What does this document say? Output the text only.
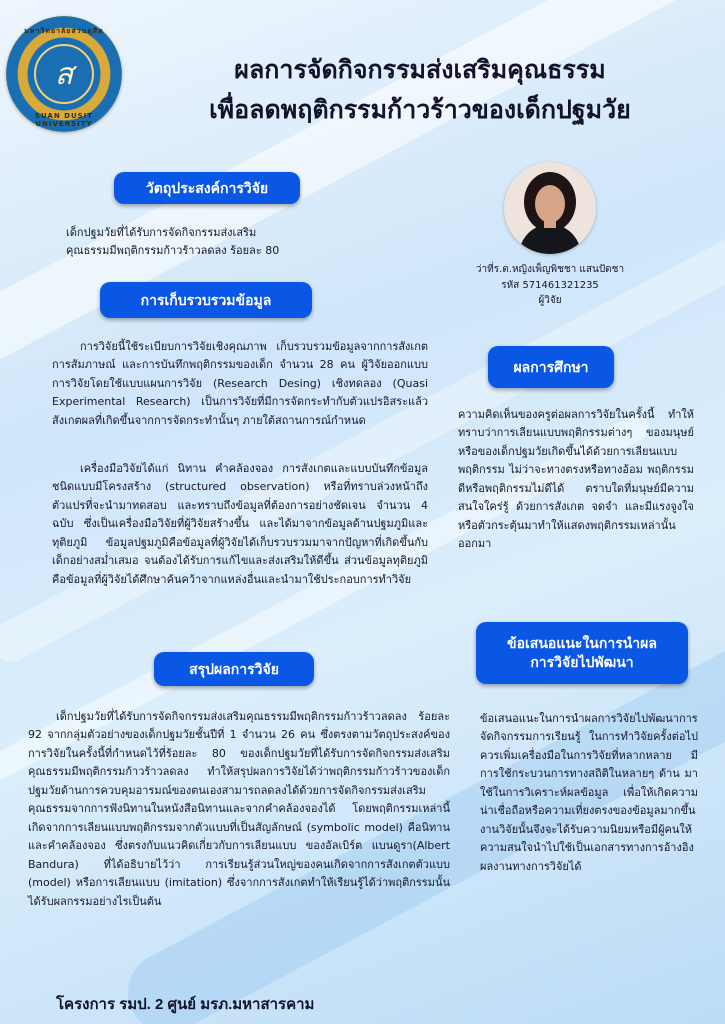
มหาวิทยาลัยสวนดุสิต
ส
SUAN DUSIT UNIVERSITY
ผลการจัดกิจกรรมส่งเสริมคุณธรรม
เพื่อลดพฤติกรรมก้าวร้าวของเด็กปฐมวัย
วัตถุประสงค์การวิจัย
เด็กปฐมวัยที่ได้รับการจัดกิจกรรมส่งเสริม
คุณธรรมมีพฤติกรรมก้าวร้าวลดลง ร้อยละ 80
ว่าที่ร.ต.หญิงเพ็ญพิชชา แสนปัดชา
รหัส 571461321235
ผู้วิจัย
การเก็บรวบรวมข้อมูล
การวิจัยนี้ใช้ระเบียบการวิจัยเชิงคุณภาพ เก็บรวบรวมข้อมูลจากการสังเกต การสัมภาษณ์ และการบันทึกพฤติกรรมของเด็ก จำนวน 28 คน ผู้วิจัยออกแบบการวิจัยโดยใช้แบบแผนการวิจัย (Research Desing) เชิงทดลอง (Quasi Experimental Research) เป็นการวิจัยที่มีการจัดกระทำกับตัวแปรอิสระแล้วสังเกตผลที่เกิดขึ้นจากการจัดกระทำนั้นๆ ภายใต้สถานการณ์กำหนด
เครื่องมือวิจัยได้แก่ นิทาน คำคล้องจอง การสังเกตและแบบบันทึกข้อมูล ชนิดแบบมีโครงสร้าง (structured observation) หรือที่ทราบล่วงหน้าถึงตัวแปรที่จะนำมาทดสอบ และทราบถึงข้อมูลที่ต้องการอย่างชัดเจน จำนวน 4 ฉบับ ซึ่งเป็นเครื่องมือวิจัยที่ผู้วิจัยสร้างขึ้น และได้มาจากข้อมูลด้านปฐมภูมิและทุติยภูมิ ข้อมูลปฐมภูมิคือข้อมูลที่ผู้วิจัยได้เก็บรวบรวมมาจากปัญหาที่เกิดขึ้นกับเด็กอย่างสม่ำเสมอ จนต้องได้รับการแก้ไขและส่งเสริมให้ดีขึ้น ส่วนข้อมูลทุติยภูมิคือข้อมูลที่ผู้วิจัยได้ศึกษาค้นคว้าจากแหล่งอื่นและนำมาใช้ประกอบการทำวิจัย
ผลการศึกษา
ความคิดเห็นของครูต่อผลการวิจัยในครั้งนี้ ทำให้ทราบว่าการเลียนแบบพฤติกรรมต่างๆ ของมนุษย์หรือของเด็กปฐมวัยเกิดขึ้นได้ด้วยการเลียนแบบพฤติกรรม ไม่ว่าจะทางตรงหรือทางอ้อม พฤติกรรมดีหรือพฤติกรรมไม่ดีได้ ตราบใดที่มนุษย์มีความสนใจใคร่รู้ ด้วยการสังเกต จดจำ และมีแรงจูงใจ หรือตัวกระตุ้นมาทำให้แสดงพฤติกรรมเหล่านั้นออกมา
ข้อเสนอแนะในการนำผล
การวิจัยไปพัฒนา
ข้อเสนอแนะในการนำผลการวิจัยไปพัฒนาการจัดกิจกรรมการเรียนรู้ ในการทำวิจัยครั้งต่อไปควรเพิ่มเครื่องมือในการวิจัยที่หลากหลาย มีการใช้กระบวนการทางสถิติในหลายๆ ด้าน มาใช้ในการวิเคราะห์ผลข้อมูล เพื่อให้เกิดความน่าเชื่อถือหรือความเที่ยงตรงของข้อมูลมากขึ้น งานวิจัยนั้นจึงจะได้รับความนิยมหรือมีผู้คนให้ความสนใจนำไปใช้เป็นเอกสารทางการอ้างอิงผลงานทางการวิจัยได้
สรุปผลการวิจัย
เด็กปฐมวัยที่ได้รับการจัดกิจกรรมส่งเสริมคุณธรรมมีพฤติกรรมก้าวร้าวลดลง ร้อยละ 92 จากกลุ่มตัวอย่างของเด็กปฐมวัยชั้นปีที่ 1 จำนวน 26 คน ซึ่งตรงตามวัตถุประสงค์ของการวิจัยในครั้งนี้ที่กำหนดไว้ที่ร้อยละ 80 ของเด็กปฐมวัยที่ได้รับการจัดกิจกรรมส่งเสริมคุณธรรมมีพฤติกรรมก้าวร้าวลดลง ทำให้สรุปผลการวิจัยได้ว่าพฤติกรรมก้าวร้าวของเด็กปฐมวัยด้านการควบคุมอารมณ์ของตนเองสามารถลดลงได้ด้วยการจัดกิจกรรมส่งเสริมคุณธรรมจากการฟังนิทานในหนังสือนิทานและจากคำคล้องจองได้ โดยพฤติกรรมเหล่านี้เกิดจากการเลียนแบบพฤติกรรมจากตัวแบบที่เป็นสัญลักษณ์ (symbolic model) คือนิทาน และคำคล้องจอง ซึ่งตรงกับแนวคิดเกี่ยวกับการเลียนแบบ ของอัลเบิร์ต แบนดูรา(Albert Bandura) ที่ได้อธิบายไว้ว่า การเรียนรู้ส่วนใหญ่ของคนเกิดจากการสังเกตตัวแบบ (model) หรือการเลียนแบบ (imitation) ซึ่งจากการสังเกตทำให้เรียนรู้ได้ว่าพฤติกรรมนั้นได้รับผลกรรมอย่างไรเป็นต้น
โครงการ รมป. 2 ศูนย์ มรภ.มหาสารคาม
